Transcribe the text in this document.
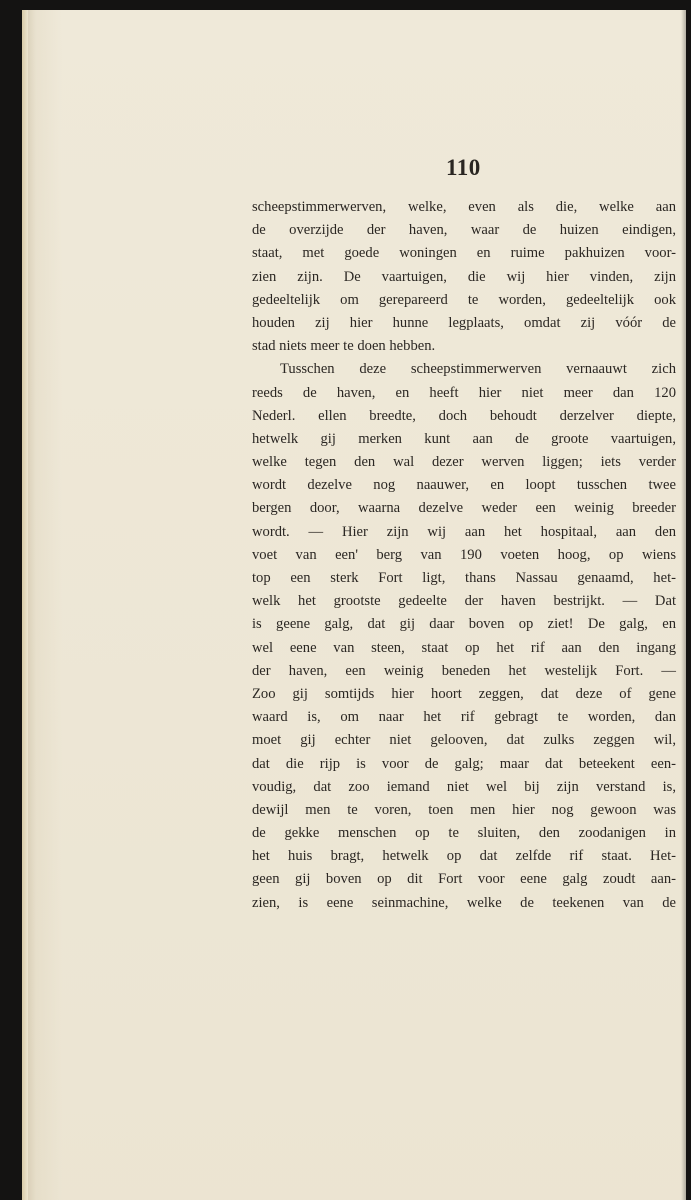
110
scheepstimmerwerven, welke, even als die, welke aan
de overzijde der haven, waar de huizen eindigen,
staat, met goede woningen en ruime pakhuizen voor-
zien zijn. De vaartuigen, die wij hier vinden, zijn
gedeeltelijk om gerepareerd te worden, gedeeltelijk ook
houden zij hier hunne legplaats, omdat zij vóór de
stad niets meer te doen hebben.
Tusschen deze scheepstimmerwerven vernaauwt zich
reeds de haven, en heeft hier niet meer dan 120
Nederl. ellen breedte, doch behoudt derzelver diepte,
hetwelk gij merken kunt aan de groote vaartuigen,
welke tegen den wal dezer werven liggen; iets verder
wordt dezelve nog naauwer, en loopt tusschen twee
bergen door, waarna dezelve weder een weinig breeder
wordt. — Hier zijn wij aan het hospitaal, aan den
voet van een' berg van 190 voeten hoog, op wiens
top een sterk Fort ligt, thans Nassau genaamd, het-
welk het grootste gedeelte der haven bestrijkt. — Dat
is geene galg, dat gij daar boven op ziet! De galg, en
wel eene van steen, staat op het rif aan den ingang
der haven, een weinig beneden het westelijk Fort. —
Zoo gij somtijds hier hoort zeggen, dat deze of gene
waard is, om naar het rif gebragt te worden, dan
moet gij echter niet gelooven, dat zulks zeggen wil,
dat die rijp is voor de galg; maar dat beteekent een-
voudig, dat zoo iemand niet wel bij zijn verstand is,
dewijl men te voren, toen men hier nog gewoon was
de gekke menschen op te sluiten, den zoodanigen in
het huis bragt, hetwelk op dat zelfde rif staat. Het-
geen gij boven op dit Fort voor eene galg zoudt aan-
zien, is eene seinmachine, welke de teekenen van de
